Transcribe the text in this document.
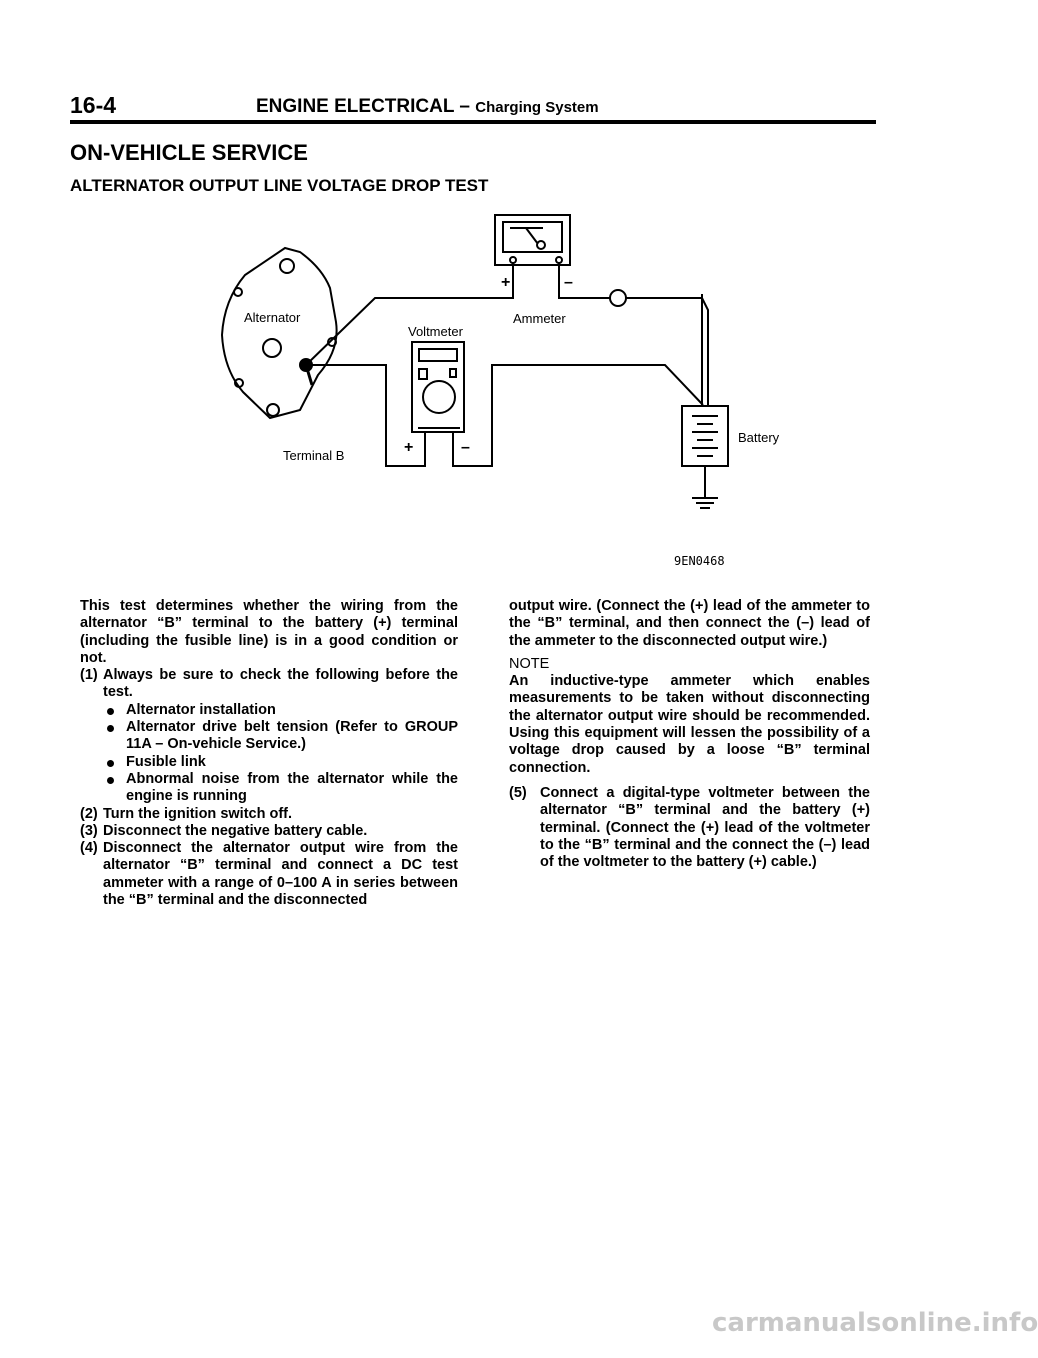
16-4	ENGINE ELECTRICAL – Charging System
ON-VEHICLE SERVICE
ALTERNATOR OUTPUT LINE VOLTAGE DROP TEST
Alternator
Terminal B
+	–
Ammeter
Voltmeter
+	–
Battery
9EN0468

This test determines whether the wiring from the alternator “B” terminal to the battery (+) terminal (including the fusible line) is in a good condition or not.

(1) Always be sure to check the following before the test.

Alternator installation

Alternator drive belt tension (Refer to GROUP 11A – On-vehicle Service.)

Fusible link

Abnormal noise from the alternator while the engine is running

(2) Turn the ignition switch off.

(3) Disconnect the negative battery cable.

(4) Disconnect the alternator output wire from the alternator “B” terminal and connect a DC test ammeter with a range of 0–100 A in series between the “B” terminal and the disconnected

output wire. (Connect the (+) lead of the ammeter to the “B” terminal, and then connect the (–) lead of the ammeter to the disconnected output wire.)

NOTE

An inductive-type ammeter which enables measurements to be taken without disconnecting the alternator output wire should be recommended. Using this equipment will lessen the possibility of a voltage drop caused by a loose “B” terminal connection.

(5) Connect a digital-type voltmeter between the alternator “B” terminal and the battery (+) terminal. (Connect the (+) lead of the voltmeter to the “B” terminal and the connect the (–) lead of the voltmeter to the battery (+) cable.)

carmanualsonline.info
